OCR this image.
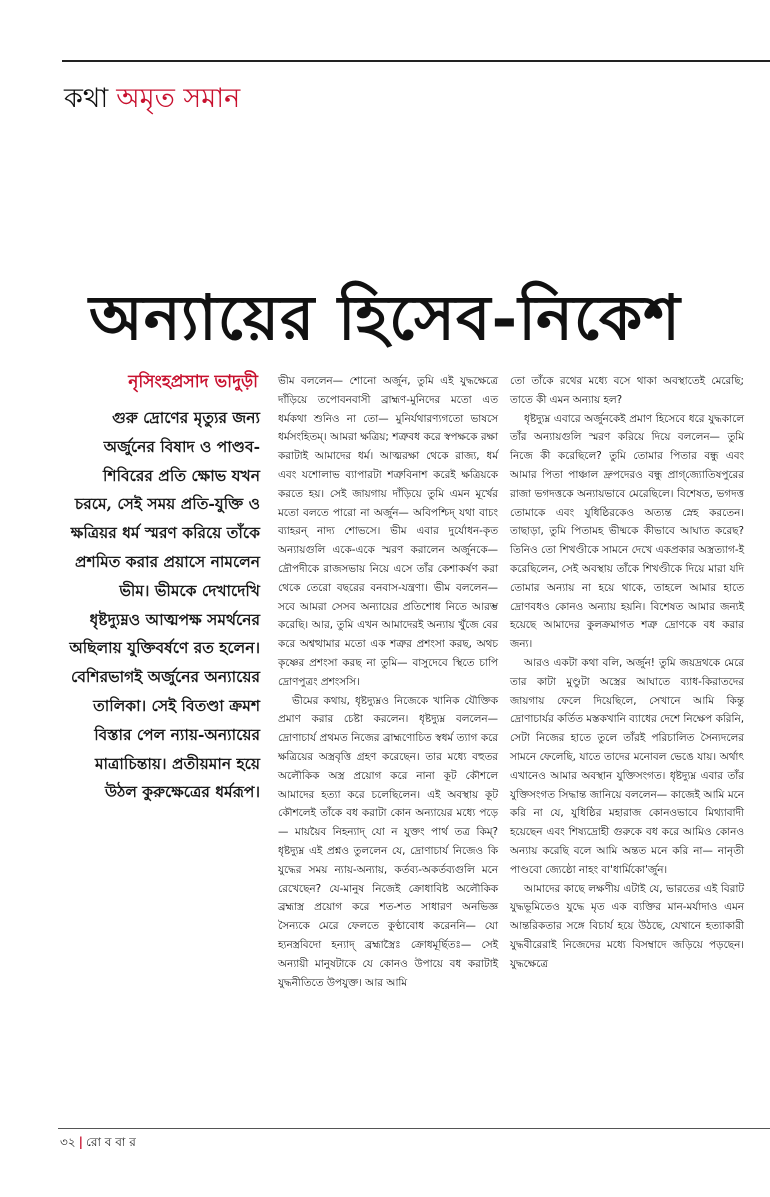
কথা অমৃত সমান
অন্যায়ের হিসেব-নিকেশ
নৃসিংহপ্রসাদ ভাদুড়ী

গুরু দ্রোণের মৃত্যুর জন্য অর্জুনের বিষাদ ও পাণ্ডব-শিবিরের প্রতি ক্ষোভ যখন চরমে, সেই সময় প্রতি-যুক্তি ও ক্ষত্রিয়র ধর্ম স্মরণ করিয়ে তাঁকে প্রশমিত করার প্রয়াসে নামলেন ভীম। ভীমকে দেখাদেখি ধৃষ্টদ্যুম্নও আত্মপক্ষ সমর্থনের অছিলায় যুক্তিবর্ষণে রত হলেন। বেশিরভাগই অর্জুনের অন্যায়ের তালিকা। সেই বিতণ্ডা ক্রমশ বিস্তার পেল ন্যায়-অন্যায়ের মাত্রাচিন্তায়। প্রতীয়মান হয়ে উঠল কুরুক্ষেত্রের ধর্মরূপ।

ভীম বললেন— শোনো অর্জুন, তুমি এই যুদ্ধক্ষেত্রে দাঁড়িয়ে তপোবনবাসী ব্রাহ্মণ-মুনিদের মতো এত ধর্মকথা শুনিও না তো— মুনির্যথারণ্যগতো ভাষসে ধর্মসংহিতম্। আমরা ক্ষত্রিয়; শত্রুবধ করে স্বপক্ষকে রক্ষা করাটাই আমাদের ধর্ম। আত্মরক্ষা থেকে রাজ্য, ধর্ম এবং যশোলাভ ব্যাপারটা শত্রুবিনাশ করেই ক্ষত্রিয়কে করতে হয়। সেই জায়গায় দাঁড়িয়ে তুমি এমন মূর্খের মতো বলতে পারো না অর্জুন— অবিপশ্চিদ্ যথা বাচং ব্যাহরন্ নাদ্য শোভসে। ভীম এবার দুর্যোধন-কৃত অন্যায়গুলি একে-একে স্মরণ করালেন অর্জুনকে— দ্রৌপদীকে রাজসভায় নিয়ে এসে তাঁর কেশাকর্ষণ করা থেকে তেরো বছরের বনবাস-যন্ত্রণা। ভীম বললেন— সবে আমরা সেসব অন্যায়ের প্রতিশোধ নিতে আরম্ভ করেছি। আর, তুমি এখন আমাদেরই অন্যায় খুঁজে বের করে অশ্বত্থামার মতো এক শত্রুর প্রশংসা করছ, অথচ কৃষ্ণের প্রশংসা করছ না তুমি— বাসুদেবে স্থিতে চাপি দ্রোণপুত্রং প্রশংসসি।

ভীমের কথায়, ধৃষ্টদ্যুম্নও নিজেকে খানিক যৌক্তিক প্রমাণ করার চেষ্টা করলেন। ধৃষ্টদ্যুম্ন বললেন— দ্রোণাচার্য প্রথমত নিজের ব্রাহ্মণোচিত স্বধর্ম ত্যাগ করে ক্ষত্রিয়ের অস্ত্রবৃত্তি গ্রহণ করেছেন। তার মধ্যে বহুতর অলৌকিক অস্ত্র প্রয়োগ করে নানা কূট কৌশলে আমাদের হত্যা করে চলেছিলেন। এই অবস্থায় কূট কৌশলেই তাঁকে বধ করাটা কোন অন্যায়ের মধ্যে পড়ে— মায়য়ৈব নিহন্যাদ্ যো ন যুক্তং পার্থ তত্র কিম্? ধৃষ্টদ্যুম্ন এই প্রশ্নও তুললেন যে, দ্রোণাচার্য নিজেও কি যুদ্ধের সময় ন্যায়-অন্যায়, কর্তব্য-অকর্তব্যগুলি মনে রেখেছেন? যে-মানুষ নিজেই ক্রোধাবিষ্ট অলৌকিক ব্রহ্মাস্ত্র প্রয়োগ করে শত-শত সাধারণ অনভিজ্ঞ সৈন্যকে মেরে ফেলতে কুণ্ঠাবোধ করেননি— যো হ্যনস্ত্রবিদো হন্যাদ্ ব্রহ্মাস্ত্রৈঃ ক্রোধমূর্ছিতঃ— সেই অন্যায়ী মানুষটাকে যে কোনও উপায়ে বধ করাটাই যুদ্ধনীতিতে উপযুক্ত। আর আমি

তো তাঁকে রথের মধ্যে বসে থাকা অবস্থাতেই মেরেছি; তাতে কী এমন অন্যায় হল?

ধৃষ্টদ্যুম্ন এবারে অর্জুনকেই প্রমাণ হিসেবে ধরে যুদ্ধকালে তাঁর অন্যায়গুলি স্মরণ করিয়ে দিয়ে বললেন— তুমি নিজে কী করেছিলে? তুমি তোমার পিতার বন্ধু এবং আমার পিতা পাঞ্চাল দ্রুপদেরও বন্ধু প্রাগ্‌জ্যোতিষপুরের রাজা ভগদত্তকে অন্যায়ভাবে মেরেছিলে। বিশেষত, ভগদত্ত তোমাকে এবং যুধিষ্ঠিরকেও অত্যন্ত স্নেহ করতেন। তাছাড়া, তুমি পিতামহ ভীষ্মকে কীভাবে আঘাত করেছ? তিনিও তো শিখণ্ডীকে সামনে দেখে একপ্রকার অস্ত্রত্যাগ-ই করেছিলেন, সেই অবস্থায় তাঁকে শিখণ্ডীকে দিয়ে মারা যদি তোমার অন্যায় না হয়ে থাকে, তাহলে আমার হাতে দ্রোণবধও কোনও অন্যায় হয়নি। বিশেষত আমার জন্যই হয়েছে আমাদের কুলক্রমাগত শত্রু দ্রোণকে বধ করার জন্য।

আরও একটা কথা বলি, অর্জুন! তুমি জয়দ্রথকে মেরে তার কাটা মুণ্ডুটা অস্ত্রের আঘাতে ব্যাধ-কিরাতদের জায়গায় ফেলে দিয়েছিলে, সেখানে আমি কিন্তু দ্রোণাচার্যর কর্তিত মস্তকখানি ব্যাধের দেশে নিক্ষেপ করিনি, সেটা নিজের হাতে তুলে তাঁরই পরিচালিত সৈন্যদলের সামনে ফেলেছি, যাতে তাদের মনোবল ভেঙে যায়। অর্থাৎ এখানেও আমার অবস্থান যুক্তিসংগত। ধৃষ্টদ্যুম্ন এবার তাঁর যুক্তিসংগত সিদ্ধান্ত জানিয়ে বললেন— কাজেই আমি মনে করি না যে, যুধিষ্ঠির মহারাজ কোনওভাবে মিথ্যাবাদী হয়েছেন এবং শিষ্যদ্রোহী গুরুকে বধ করে আমিও কোনও অন্যায় করেছি বলে আমি অন্তত মনে করি না— নানৃতী পাণ্ডবো জ্যেষ্ঠো নাহং বা'ধার্মিকো'র্জুন।

আমাদের কাছে লক্ষণীয় এটাই যে, ভারতের এই বিরাট যুদ্ধভূমিতেও যুদ্ধে মৃত এক ব্যক্তির মান-মর্যাদাও এমন আন্তরিকতার সঙ্গে বিচার্য হয়ে উঠছে, যেখানে হত্যাকারী যুদ্ধবীরেরাই নিজেদের মধ্যে বিসম্বাদে জড়িয়ে পড়ছেন। যুদ্ধক্ষেত্রে

৩২ | রো ব বা র
